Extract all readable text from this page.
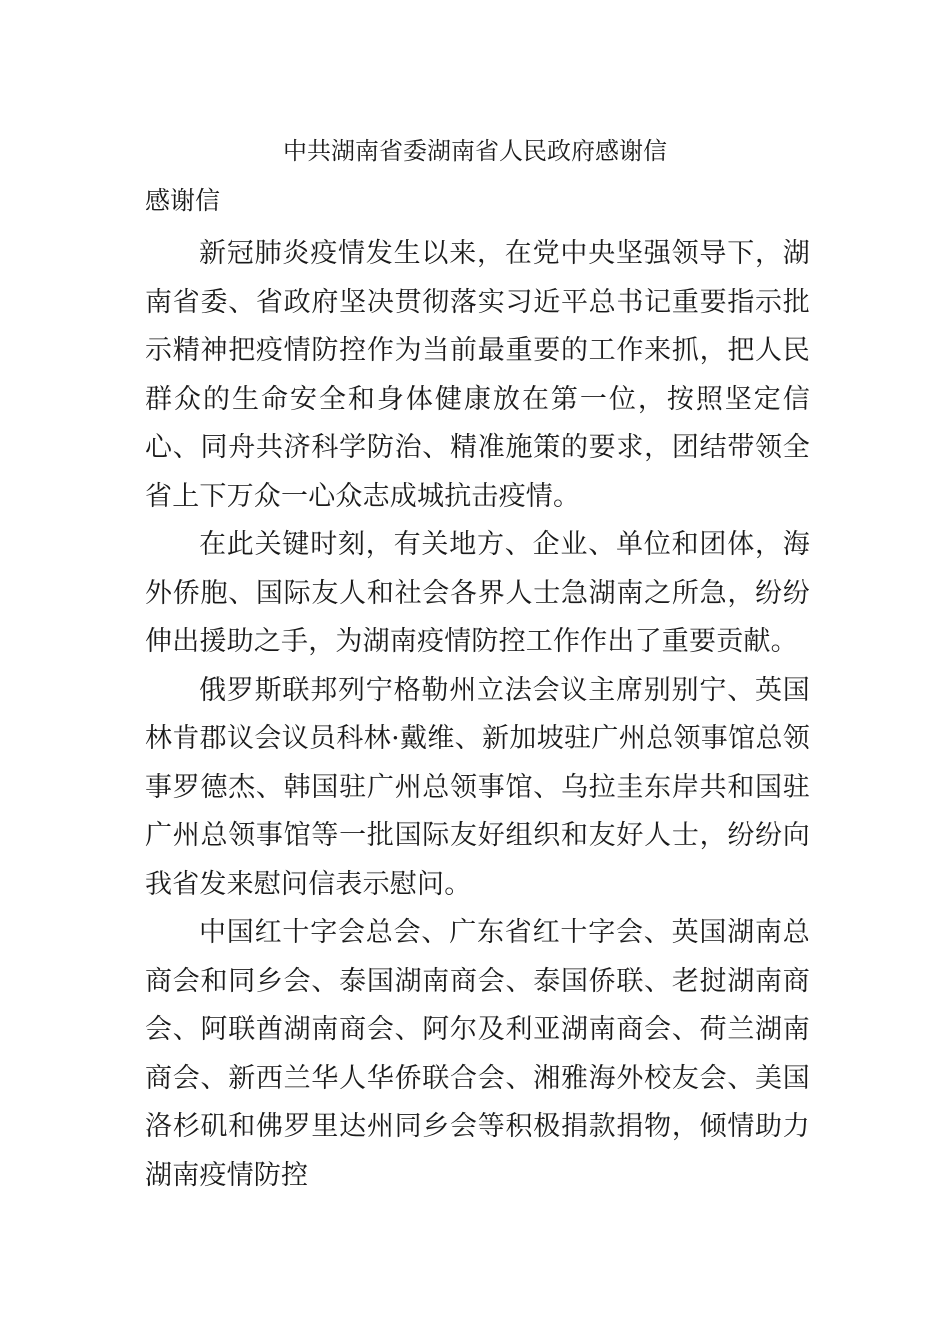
中共湖南省委湖南省人民政府感谢信

感谢信

新冠肺炎疫情发生以来，在党中央坚强领导下，湖南省委、省政府坚决贯彻落实习近平总书记重要指示批示精神把疫情防控作为当前最重要的工作来抓，把人民群众的生命安全和身体健康放在第一位，按照坚定信心、同舟共济科学防治、精准施策的要求，团结带领全省上下万众一心众志成城抗击疫情。

在此关键时刻，有关地方、企业、单位和团体，海外侨胞、国际友人和社会各界人士急湖南之所急，纷纷伸出援助之手，为湖南疫情防控工作作出了重要贡献。

俄罗斯联邦列宁格勒州立法会议主席别别宁、英国林肯郡议会议员科林·戴维、新加坡驻广州总领事馆总领事罗德杰、韩国驻广州总领事馆、乌拉圭东岸共和国驻广州总领事馆等一批国际友好组织和友好人士，纷纷向我省发来慰问信表示慰问。

中国红十字会总会、广东省红十字会、英国湖南总商会和同乡会、泰国湖南商会、泰国侨联、老挝湖南商会、阿联酋湖南商会、阿尔及利亚湖南商会、荷兰湖南商会、新西兰华人华侨联合会、湘雅海外校友会、美国洛杉矶和佛罗里达州同乡会等积极捐款捐物，倾情助力湖南疫情防控
